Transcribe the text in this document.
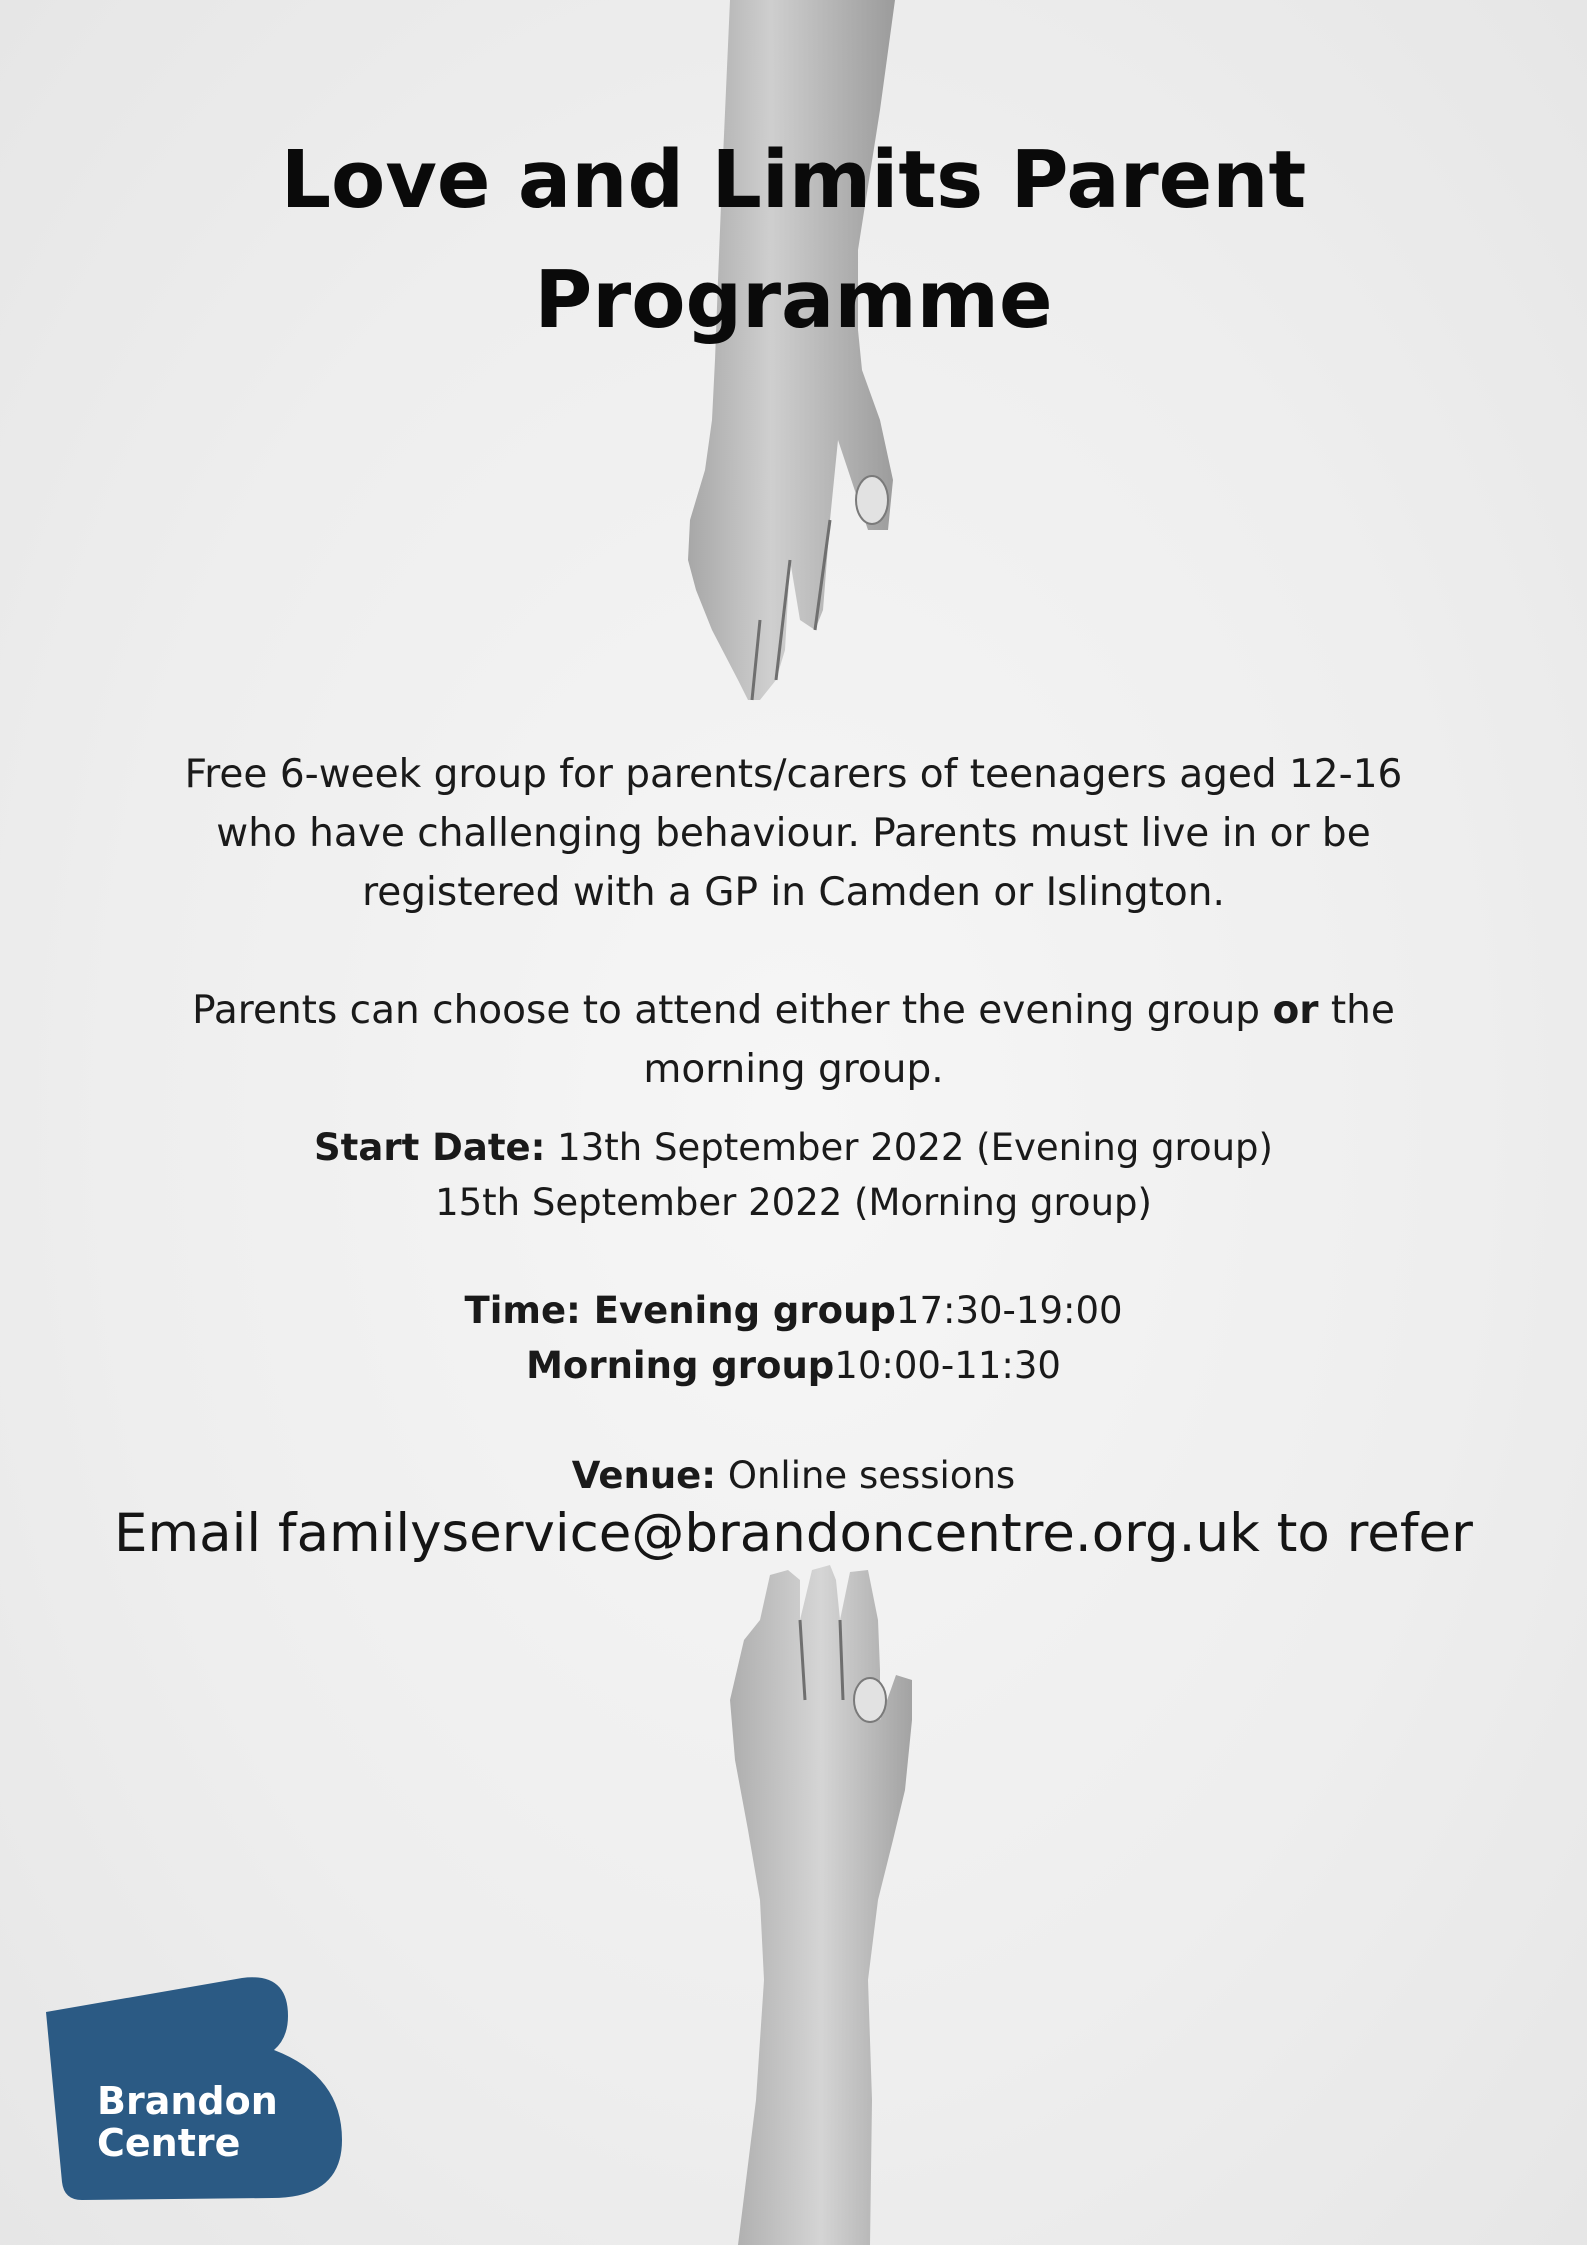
Love and Limits Parent
Programme
Free 6-week group for parents/carers of teenagers aged 12-16
who have challenging behaviour. Parents must live in or be
registered with a GP in Camden or Islington.
Parents can choose to attend either the evening group or the
morning group.
Start Date: 13th September 2022 (Evening group)
15th September 2022 (Morning group)
Time: Evening group17:30-19:00
Morning group10:00-11:30
Venue: Online sessions
Email familyservice@brandoncentre.org.uk to refer
Brandon
Centre
